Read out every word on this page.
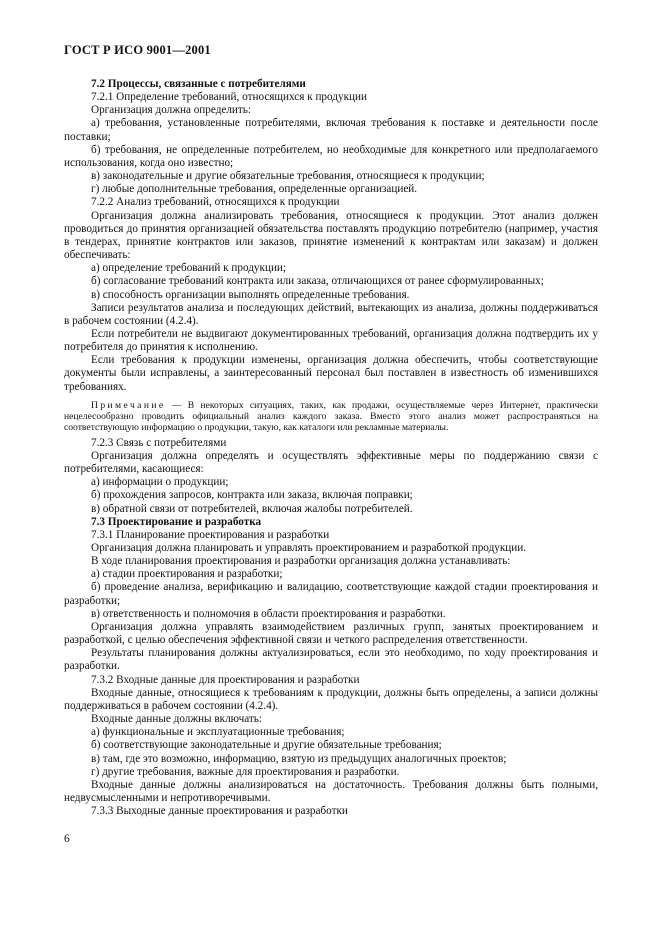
ГОСТ Р ИСО 9001—2001

7.2 Процессы, связанные с потребителями

7.2.1 Определение требований, относящихся к продукции

Организация должна определить:

а) требования, установленные потребителями, включая требования к поставке и деятельности после поставки;

б) требования, не определенные потребителем, но необходимые для конкретного или предполагаемого использования, когда оно известно;

в) законодательные и другие обязательные требования, относящиеся к продукции;

г) любые дополнительные требования, определенные организацией.

7.2.2 Анализ требований, относящихся к продукции

Организация должна анализировать требования, относящиеся к продукции. Этот анализ должен проводиться до принятия организацией обязательства поставлять продукцию потребителю (например, участия в тендерах, принятие контрактов или заказов, принятие изменений к контрактам или заказам) и должен обеспечивать:

а) определение требований к продукции;

б) согласование требований контракта или заказа, отличающихся от ранее сформулированных;

в) способность организации выполнять определенные требования.

Записи результатов анализа и последующих действий, вытекающих из анализа, должны поддерживаться в рабочем состоянии (4.2.4).

Если потребители не выдвигают документированных требований, организация должна подтвердить их у потребителя до принятия к исполнению.

Если требования к продукции изменены, организация должна обеспечить, чтобы соответствующие документы были исправлены, а заинтересованный персонал был поставлен в известность об изменившихся требованиях.

Примечание — В некоторых ситуациях, таких, как продажи, осуществляемые через Интернет, практически нецелесообразно проводить официальный анализ каждого заказа. Вместо этого анализ может распространяться на соответствующую информацию о продукции, такую, как каталоги или рекламные материалы.

7.2.3 Связь с потребителями

Организация должна определять и осуществлять эффективные меры по поддержанию связи с потребителями, касающиеся:

а) информации о продукции;

б) прохождения запросов, контракта или заказа, включая поправки;

в) обратной связи от потребителей, включая жалобы потребителей.

7.3 Проектирование и разработка

7.3.1 Планирование проектирования и разработки

Организация должна планировать и управлять проектированием и разработкой продукции.

В ходе планирования проектирования и разработки организация должна устанавливать:

а) стадии проектирования и разработки;

б) проведение анализа, верификацию и валидацию, соответствующие каждой стадии проектирования и разработки;

в) ответственность и полномочия в области проектирования и разработки.

Организация должна управлять взаимодействием различных групп, занятых проектированием и разработкой, с целью обеспечения эффективной связи и четкого распределения ответственности.

Результаты планирования должны актуализироваться, если это необходимо, по ходу проектирования и разработки.

7.3.2 Входные данные для проектирования и разработки

Входные данные, относящиеся к требованиям к продукции, должны быть определены, а записи должны поддерживаться в рабочем состоянии (4.2.4).

Входные данные должны включать:

а) функциональные и эксплуатационные требования;

б) соответствующие законодательные и другие обязательные требования;

в) там, где это возможно, информацию, взятую из предыдущих аналогичных проектов;

г) другие требования, важные для проектирования и разработки.

Входные данные должны анализироваться на достаточность. Требования должны быть полными, недвусмысленными и непротиворечивыми.

7.3.3 Выходные данные проектирования и разработки

6
